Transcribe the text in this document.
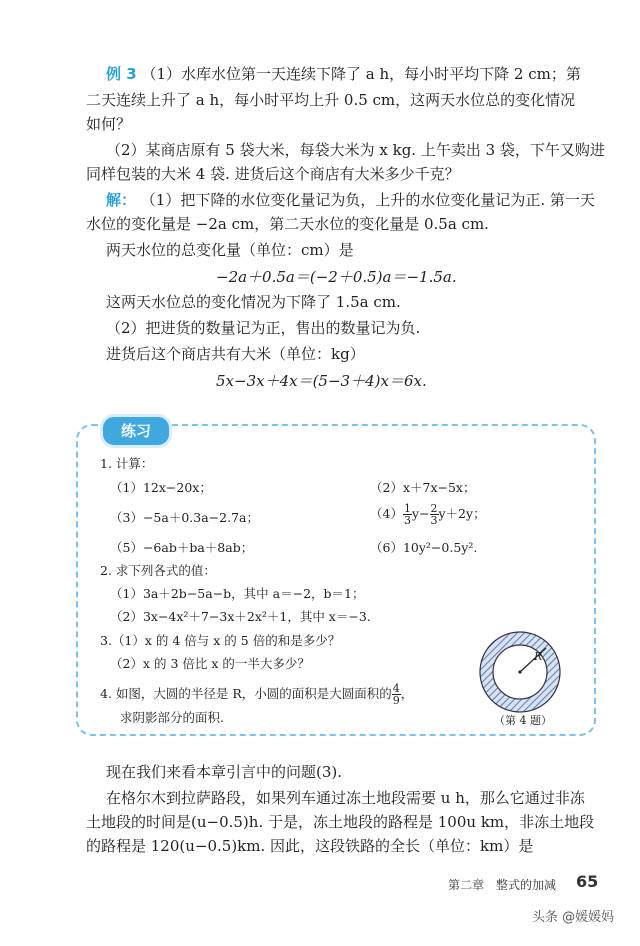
例 3 （1）水库水位第一天连续下降了 a h，每小时平均下降 2 cm；第
二天连续上升了 a h，每小时平均上升 0.5 cm，这两天水位总的变化情况
如何？
（2）某商店原有 5 袋大米，每袋大米为 x kg. 上午卖出 3 袋，下午又购进
同样包装的大米 4 袋. 进货后这个商店有大米多少千克？
解： （1）把下降的水位变化量记为负，上升的水位变化量记为正. 第一天
水位的变化量是 −2a cm，第二天水位的变化量是 0.5a cm.
两天水位的总变化量（单位：cm）是
−2a＋0.5a＝(−2＋0.5)a＝−1.5a.
这两天水位总的变化情况为下降了 1.5a cm.
（2）把进货的数量记为正，售出的数量记为负.
进货后这个商店共有大米（单位：kg）
5x−3x＋4x＝(5−3＋4)x＝6x.
练习
1. 计算：
（1）12x−20x；	（2）x＋7x−5x；
（3）−5a＋0.3a−2.7a；	$(4) \frac{1}{3} y- \frac{2}{3} y+2y$；
（5）−6ab＋ba＋8ab；	（6）10y²−0.5y².
2. 求下列各式的值：
（1）3a＋2b−5a−b，其中 a＝−2，b＝1；
（2）3x−4x²＋7−3x＋2x²＋1，其中 x＝−3.
3.（1）x 的 4 倍与 x 的 5 倍的和是多少？
（2）x 的 3 倍比 x 的一半大多少？
4. 如图，大圆的半径是 R，小圆的面积是大圆面积的 $\frac{4}{9}$ ，
求阴影部分的面积.
R
（第 4 题）
现在我们来看本章引言中的问题(3).
在格尔木到拉萨路段，如果列车通过冻土地段需要 u h，那么它通过非冻
土地段的时间是(u−0.5)h. 于是，冻土地段的路程是 100u km，非冻土地段
的路程是 120(u−0.5)km. 因此，这段铁路的全长（单位：km）是
第二章　整式的加减 65
头条 @媛媛妈
